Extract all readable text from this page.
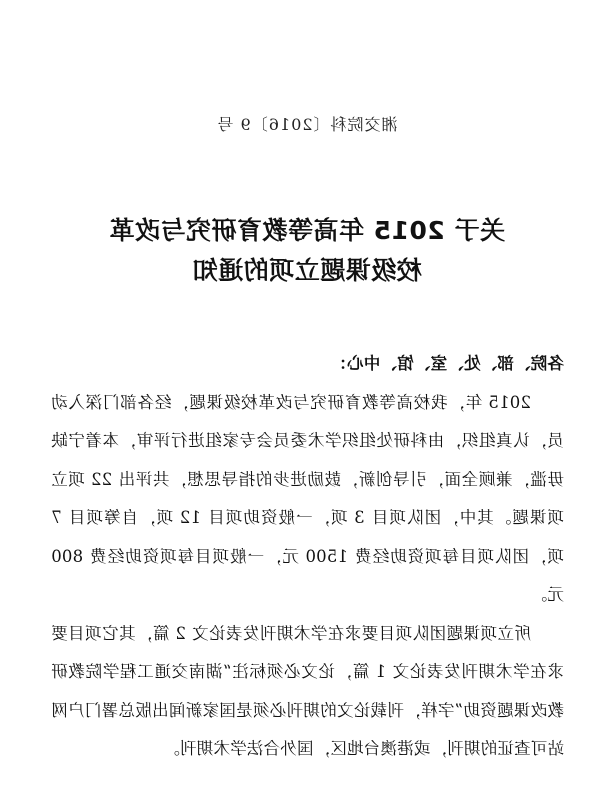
湘交院科〔2016〕9 号
关于 2015 年高等教育研究与改革
校级课题立项的通知

各院、部、处、室、馆、中心：

2015 年，我校高等教育研究与改革校级课题，经各部门深入动员，认真组织，由科研处组织学术委员会专家组进行评审，本着宁缺毋滥，兼顾全面，引导创新，鼓励进步的指导思想，共评出 22 项立项课题。其中，团队项目 3 项，一般资助项目 12 项，自筹项目 7 项，团队项目每项资助经费 1500 元，一般项目每项资助经费 800 元。

所立项课题团队项目要求在学术期刊发表论文 2 篇，其它项目要求在学术期刊发表论文 1 篇，论文必须标注“湖南交通工程学院教研教改课题资助”字样，刊载论文的期刊必须是国家新闻出版总署门户网站可查证的期刊，或港澳台地区，国外合法学术期刊。
